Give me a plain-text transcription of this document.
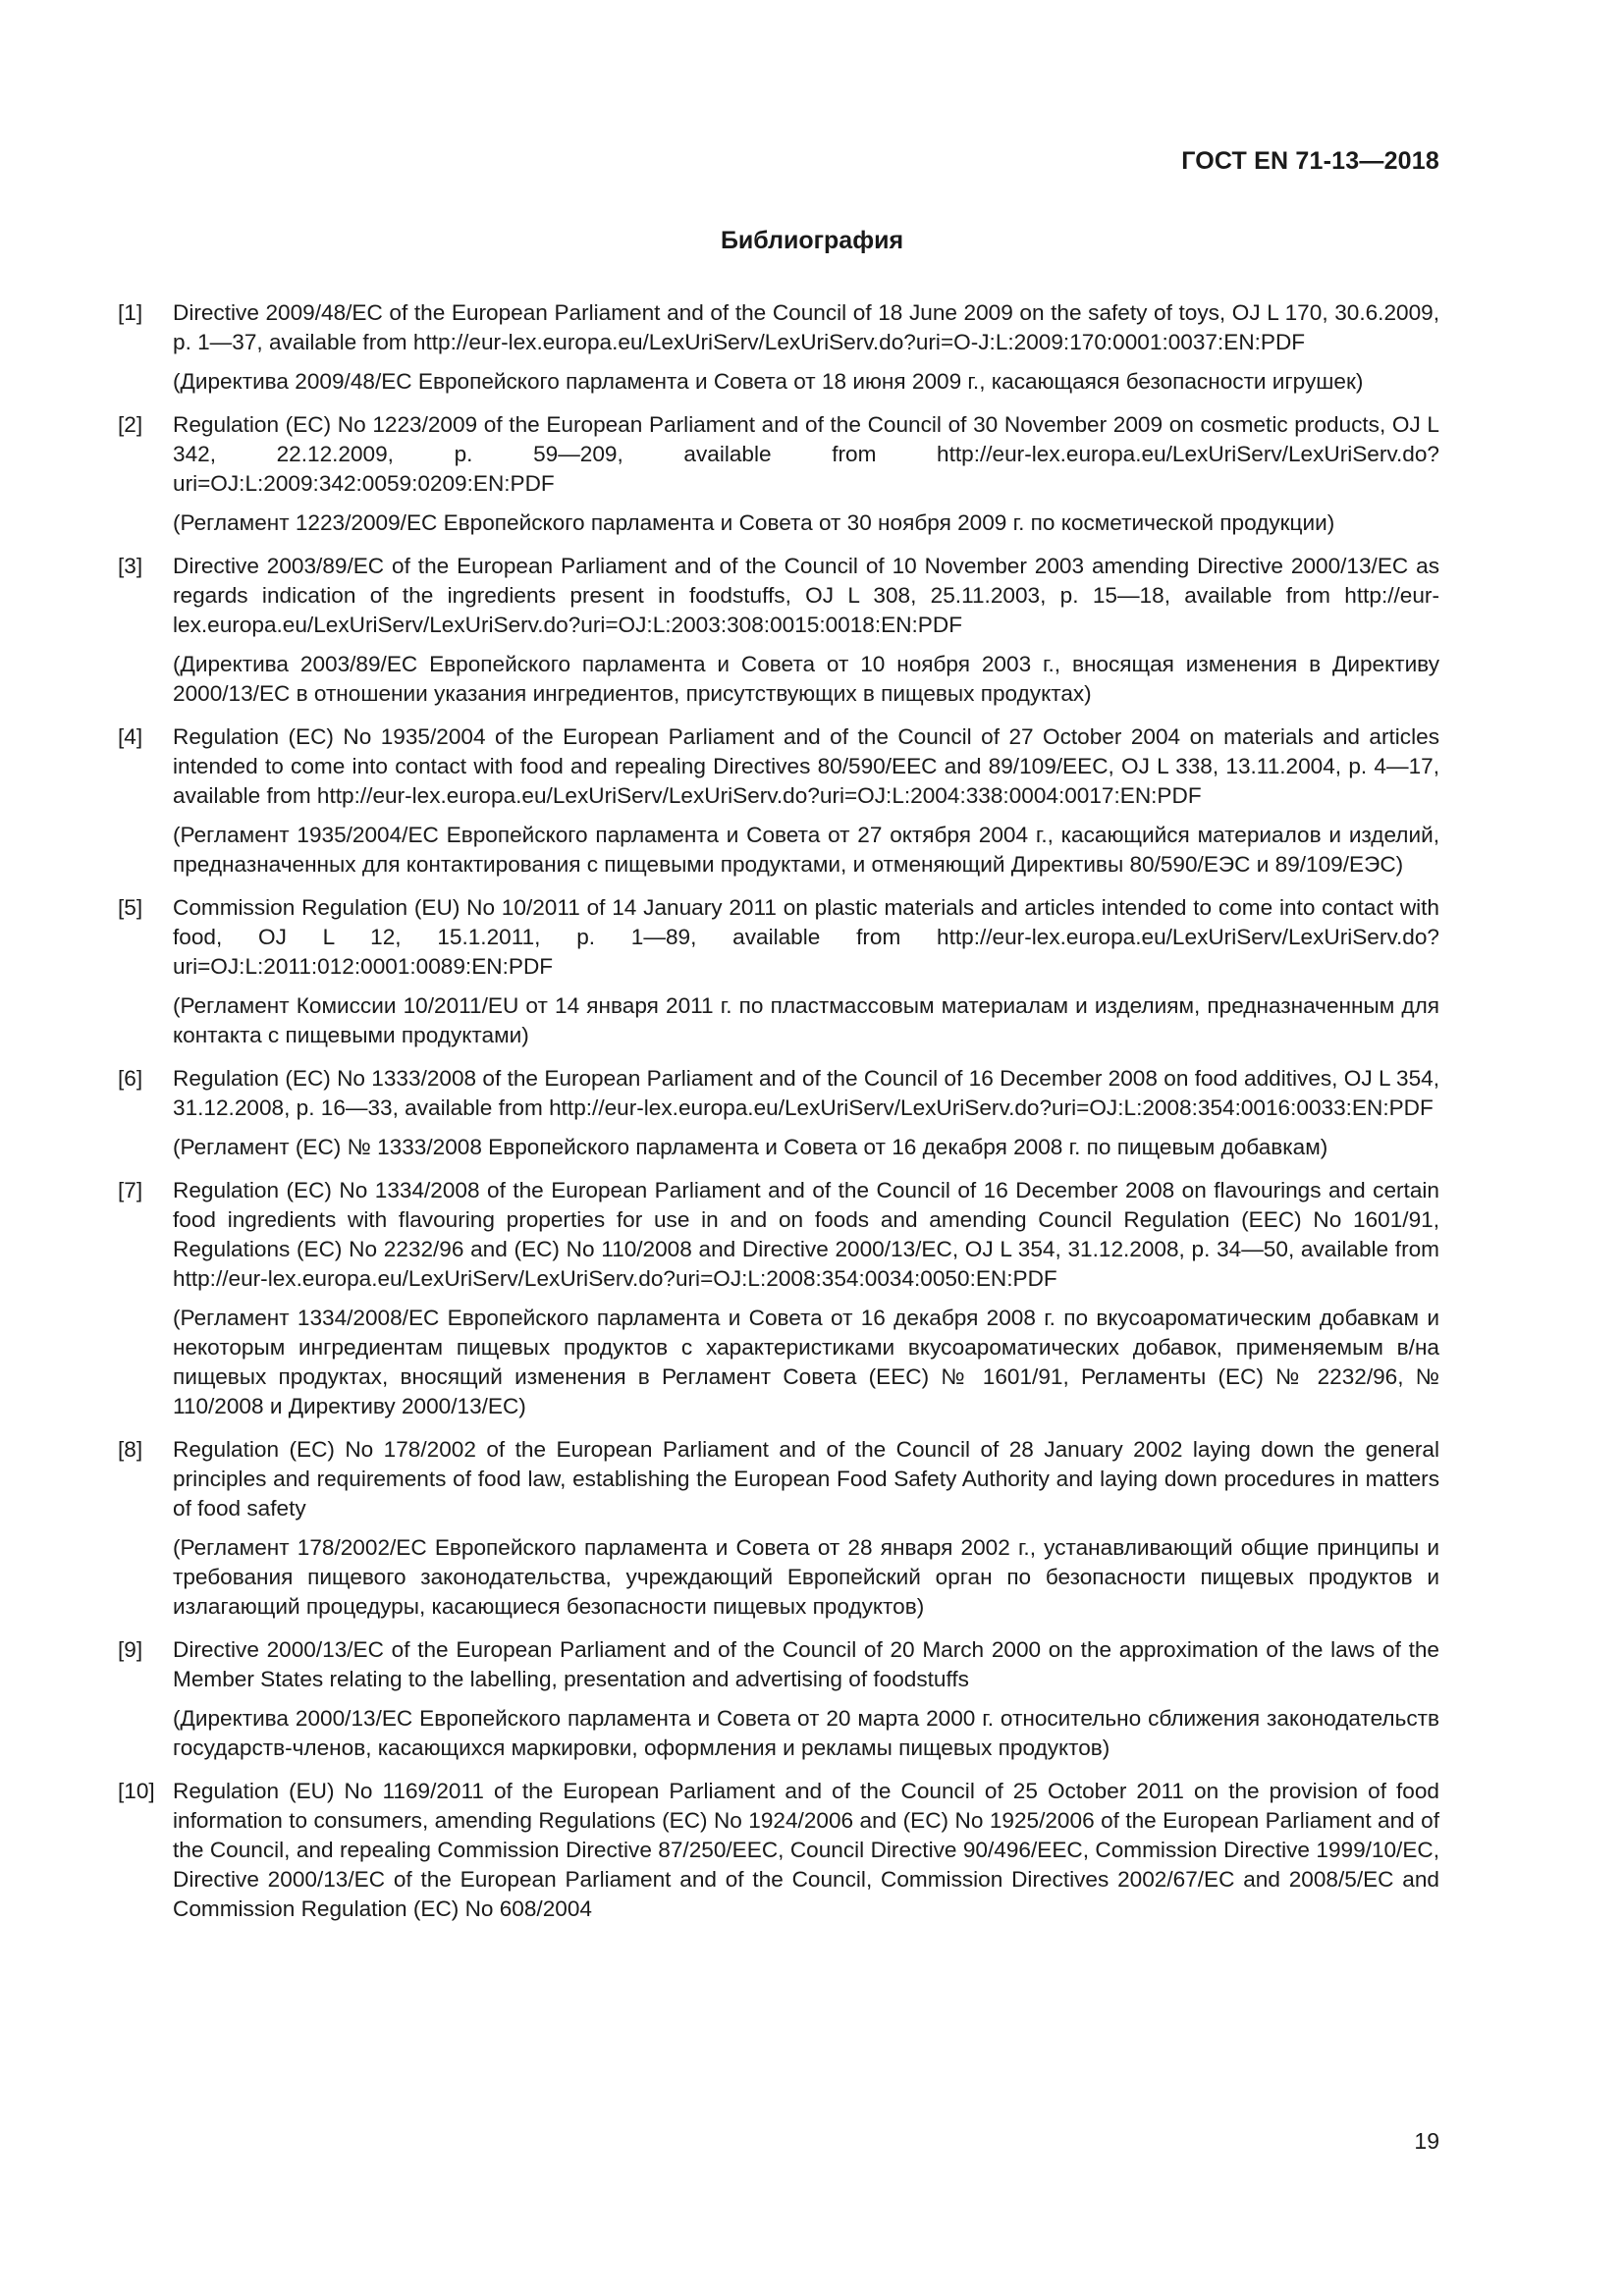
ГОСТ EN 71-13—2018
Библиография
[1] Directive 2009/48/EC of the European Parliament and of the Council of 18 June 2009 on the safety of toys, OJ L 170, 30.6.2009, p. 1—37, available from http://eur-lex.europa.eu/LexUriServ/LexUriServ.do?uri=O-J:L:2009:170:0001:0037:EN:PDF

(Директива 2009/48/ЕС Европейского парламента и Совета от 18 июня 2009 г., касающаяся безопасности игрушек)

[2] Regulation (EC) No 1223/2009 of the European Parliament and of the Council of 30 November 2009 on cosmetic products, OJ L 342, 22.12.2009, p. 59—209, available from http://eur-lex.europa.eu/LexUriServ/LexUriServ.do?uri=OJ:L:2009:342:0059:0209:EN:PDF

(Регламент 1223/2009/ЕС Европейского парламента и Совета от 30 ноября 2009 г. по косметической продукции)

[3] Directive 2003/89/EC of the European Parliament and of the Council of 10 November 2003 amending Directive 2000/13/EC as regards indication of the ingredients present in foodstuffs, OJ L 308, 25.11.2003, p. 15—18, available from http://eur-lex.europa.eu/LexUriServ/LexUriServ.do?uri=OJ:L:2003:308:0015:0018:EN:PDF

(Директива 2003/89/ЕС Европейского парламента и Совета от 10 ноября 2003 г., вносящая изменения в Директиву 2000/13/ЕС в отношении указания ингредиентов, присутствующих в пищевых продуктах)

[4] Regulation (EC) No 1935/2004 of the European Parliament and of the Council of 27 October 2004 on materials and articles intended to come into contact with food and repealing Directives 80/590/EEC and 89/109/EEC, OJ L 338, 13.11.2004, p. 4—17, available from http://eur-lex.europa.eu/LexUriServ/LexUriServ.do?uri=OJ:L:2004:338:0004:0017:EN:PDF

(Регламент 1935/2004/ЕС Европейского парламента и Совета от 27 октября 2004 г., касающийся материалов и изделий, предназначенных для контактирования с пищевыми продуктами, и отменяющий Директивы 80/590/ЕЭС и 89/109/ЕЭС)

[5] Commission Regulation (EU) No 10/2011 of 14 January 2011 on plastic materials and articles intended to come into contact with food, OJ L 12, 15.1.2011, p. 1—89, available from http://eur-lex.europa.eu/LexUriServ/LexUriServ.do?uri=OJ:L:2011:012:0001:0089:EN:PDF

(Регламент Комиссии 10/2011/EU от 14 января 2011 г. по пластмассовым материалам и изделиям, предназначенным для контакта с пищевыми продуктами)

[6] Regulation (EC) No 1333/2008 of the European Parliament and of the Council of 16 December 2008 on food additives, OJ L 354, 31.12.2008, p. 16—33, available from http://eur-lex.europa.eu/LexUriServ/LexUriServ.do?uri=OJ:L:2008:354:0016:0033:EN:PDF

(Регламент (ЕС) № 1333/2008 Европейского парламента и Совета от 16 декабря 2008 г. по пищевым добавкам)

[7] Regulation (EC) No 1334/2008 of the European Parliament and of the Council of 16 December 2008 on flavourings and certain food ingredients with flavouring properties for use in and on foods and amending Council Regulation (EEC) No 1601/91, Regulations (EC) No 2232/96 and (EC) No 110/2008 and Directive 2000/13/EC, OJ L 354, 31.12.2008, p. 34—50, available from http://eur-lex.europa.eu/LexUriServ/LexUriServ.do?uri=OJ:L:2008:354:0034:0050:EN:PDF

(Регламент 1334/2008/ЕС Европейского парламента и Совета от 16 декабря 2008 г. по вкусоароматическим добавкам и некоторым ингредиентам пищевых продуктов с характеристиками вкусоароматических добавок, применяемым в/на пищевых продуктах, вносящий изменения в Регламент Совета (ЕЕС) № 1601/91, Регламенты (ЕС) № 2232/96, № 110/2008 и Директиву 2000/13/ЕС)

[8] Regulation (EC) No 178/2002 of the European Parliament and of the Council of 28 January 2002 laying down the general principles and requirements of food law, establishing the European Food Safety Authority and laying down procedures in matters of food safety

(Регламент 178/2002/ЕС Европейского парламента и Совета от 28 января 2002 г., устанавливающий общие принципы и требования пищевого законодательства, учреждающий Европейский орган по безопасности пищевых продуктов и излагающий процедуры, касающиеся безопасности пищевых продуктов)

[9] Directive 2000/13/EC of the European Parliament and of the Council of 20 March 2000 on the approximation of the laws of the Member States relating to the labelling, presentation and advertising of foodstuffs

(Директива 2000/13/ЕС Европейского парламента и Совета от 20 марта 2000 г. относительно сближения законодательств государств-членов, касающихся маркировки, оформления и рекламы пищевых продуктов)

[10] Regulation (EU) No 1169/2011 of the European Parliament and of the Council of 25 October 2011 on the provision of food information to consumers, amending Regulations (EC) No 1924/2006 and (EC) No 1925/2006 of the European Parliament and of the Council, and repealing Commission Directive 87/250/EEC, Council Directive 90/496/EEC, Commission Directive 1999/10/EC, Directive 2000/13/EC of the European Parliament and of the Council, Commission Directives 2002/67/EC and 2008/5/EC and Commission Regulation (EC) No 608/2004

19
